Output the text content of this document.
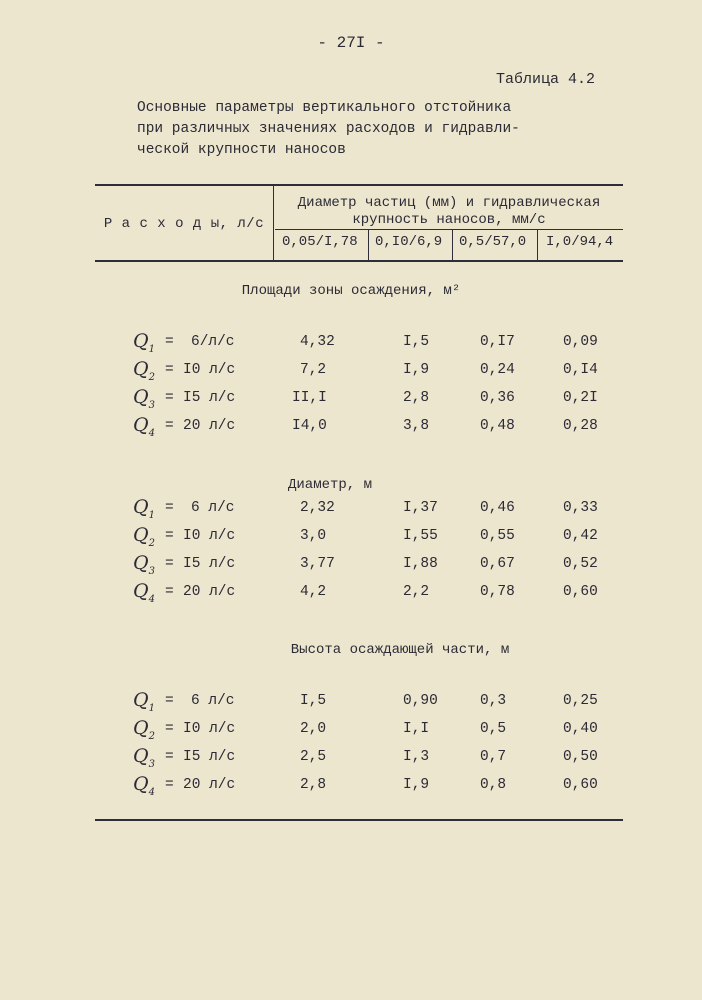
- 27I -
Таблица 4.2
Основные параметры вертикального отстойника
при различных значениях расходов и гидравли-
ческой крупности наносов
Р а с х о д ы, л/с
Диаметр частиц (мм) и гидравлическая
крупность наносов, мм/с
0,05/I,78 0,I0/6,9 0,5/57,0 I,0/94,4
Площади зоны осаждения, м²
$Q_1 = 6/л/с$	4,32	I,5	0,I7	0,09
$Q_2 = I0$ л/с	7,2	I,9	0,24	0,I4
$Q_3 = I5$ л/с	II,I	2,8	0,36	0,2I
$Q_4 = 20$ л/с	I4,0	3,8	0,48	0,28
Диаметр, м
$Q_1 = 6$ л/с	2,32	I,37	0,46	0,33
$Q_2 = I0$ л/с	3,0	I,55	0,55	0,42
$Q_3 = I5$ л/с	3,77	I,88	0,67	0,52
$Q_4 = 20$ л/с	4,2	2,2	0,78	0,60
Высота осаждающей части, м
$Q_1 = 6$ л/с	I,5	0,90	0,3	0,25
$Q_2 = I0$ л/с	2,0	I,I	0,5	0,40
$Q_3 = I5$ л/с	2,5	I,3	0,7	0,50
$Q_4 = 20$ л/с	2,8	I,9	0,8	0,60
